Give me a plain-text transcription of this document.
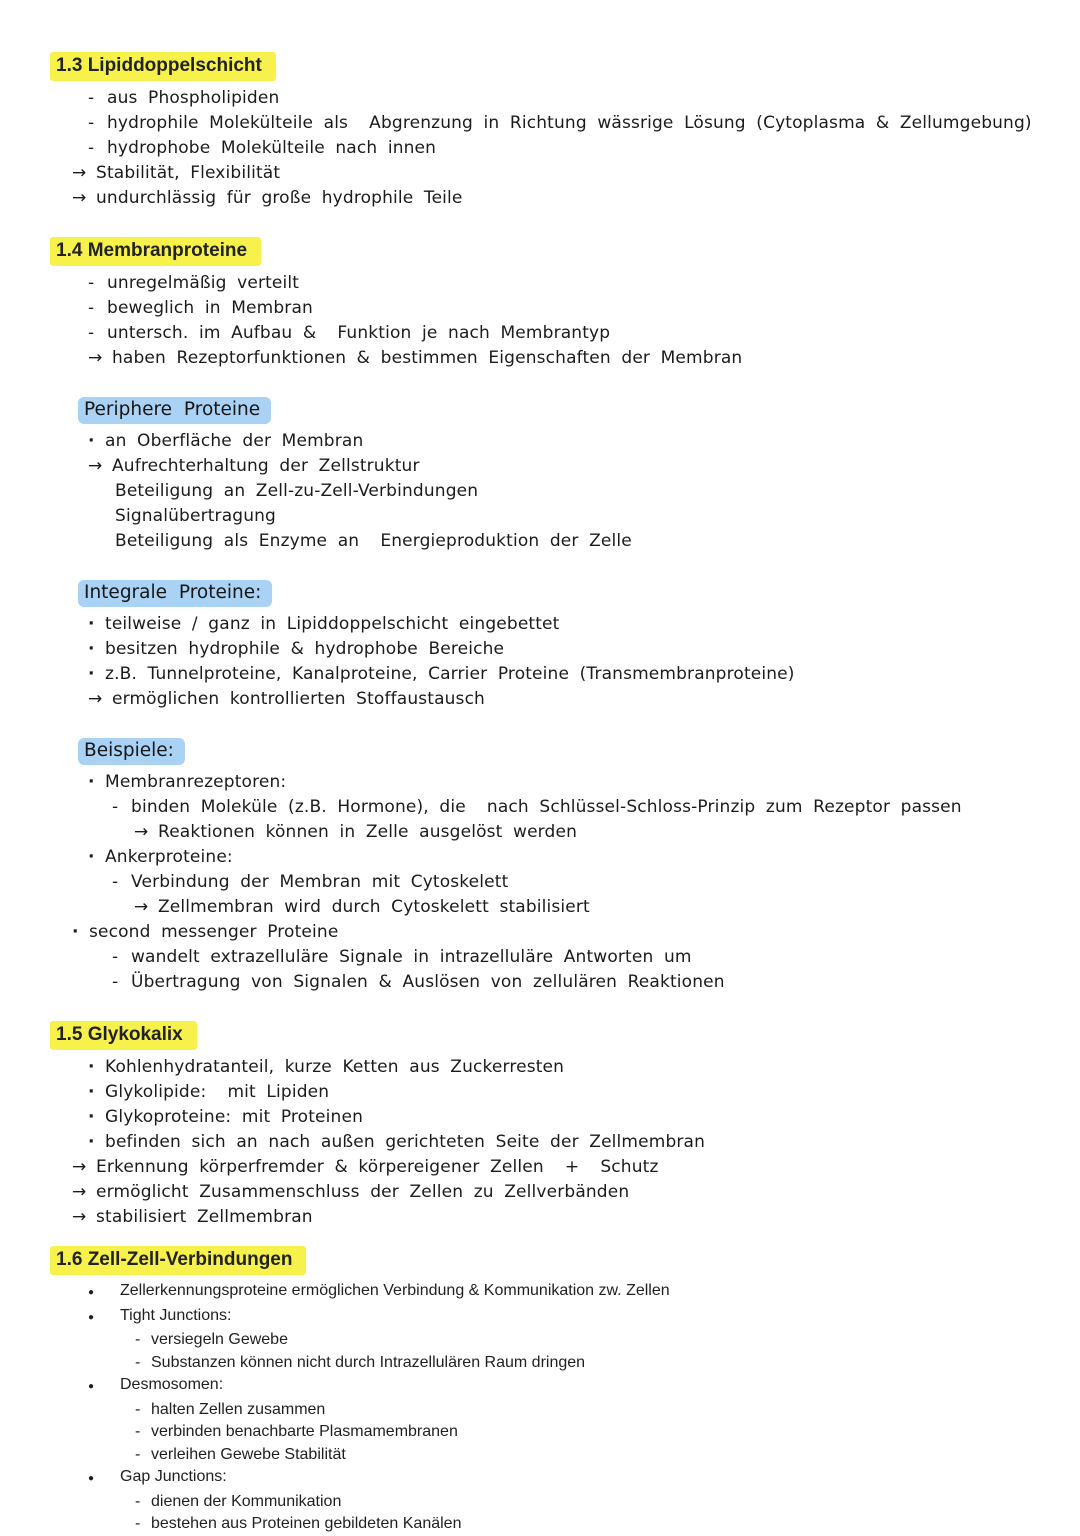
1.3 Lipiddoppelschicht
- aus Phospholipiden
- hydrophile Molekülteile als  Abgrenzung in Richtung wässrige Lösung (Cytoplasma & Zellumgebung)
- hydrophobe Molekülteile nach innen
→ Stabilität, Flexibilität
→ undurchlässig für große hydrophile Teile
1.4 Membranproteine
- unregelmäßig verteilt
- beweglich in Membran
- untersch. im Aufbau &  Funktion je nach Membrantyp
→ haben Rezeptorfunktionen & bestimmen Eigenschaften der Membran
Periphere Proteine
· an Oberfläche der Membran
→ Aufrechterhaltung der Zellstruktur
Beteiligung an Zell-zu-Zell-Verbindungen
Signalübertragung
Beteiligung als Enzyme an  Energieproduktion der Zelle
Integrale Proteine:
· teilweise / ganz in Lipiddoppelschicht eingebettet
· besitzen hydrophile & hydrophobe Bereiche
· z.B. Tunnelproteine, Kanalproteine, Carrier Proteine (Transmembranproteine)
→ ermöglichen kontrollierten Stoffaustausch
Beispiele:
· Membranrezeptoren:
- binden Moleküle (z.B. Hormone), die  nach Schlüssel-Schloss-Prinzip zum Rezeptor passen
→ Reaktionen können in Zelle ausgelöst werden
· Ankerproteine:
- Verbindung der Membran mit Cytoskelett
→ Zellmembran wird durch Cytoskelett stabilisiert
· second messenger Proteine
- wandelt extrazelluläre Signale in intrazelluläre Antworten um
- Übertragung von Signalen & Auslösen von zellulären Reaktionen
1.5 Glykokalix
· Kohlenhydratanteil, kurze Ketten aus Zuckerresten
· Glykolipide:  mit Lipiden
· Glykoproteine: mit Proteinen
· befinden sich an nach außen gerichteten Seite der Zellmembran
→ Erkennung körperfremder & körpereigener Zellen  +  Schutz
→ ermöglicht Zusammenschluss der Zellen zu Zellverbänden
→ stabilisiert Zellmembran
1.6 Zell-Zell-Verbindungen
●	Zellerkennungsproteine ermöglichen Verbindung & Kommunikation zw. Zellen
●	Tight Junctions:
- versiegeln Gewebe
- Substanzen können nicht durch Intrazellulären Raum dringen
●	Desmosomen:
- halten Zellen zusammen
- verbinden benachbarte Plasmamembranen
- verleihen Gewebe Stabilität
●	Gap Junctions:
- dienen der Kommunikation
- bestehen aus Proteinen gebildeten Kanälen
